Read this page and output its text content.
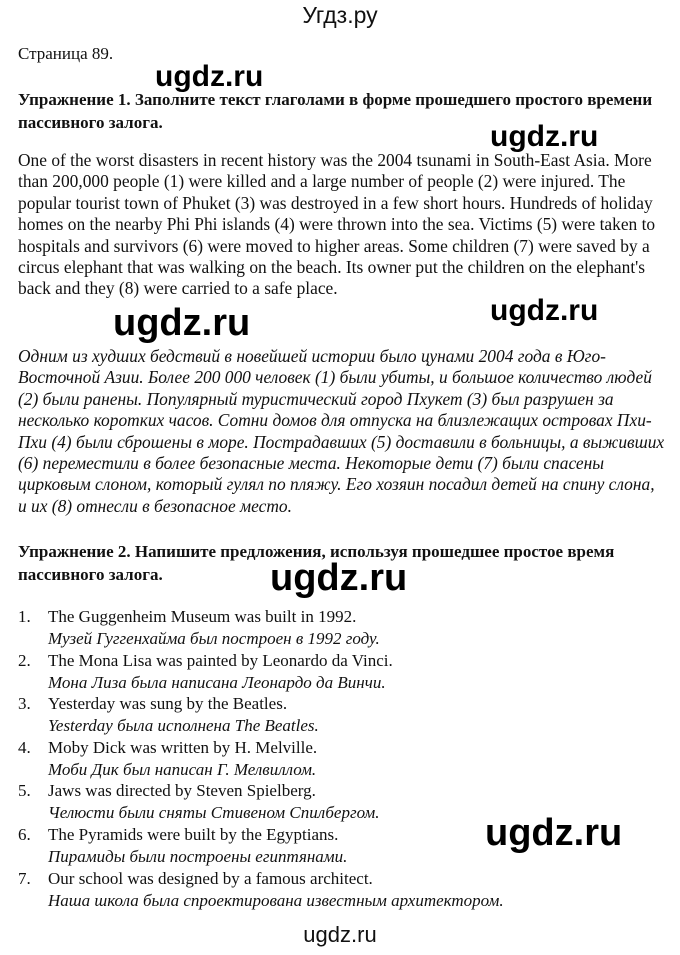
Угдз.ру
Страница 89.
Упражнение 1. Заполните текст глаголами в форме прошедшего простого времени пассивного залога.
One of the worst disasters in recent history was the 2004 tsunami in South-East Asia. More than 200,000 people (1) were killed and a large number of people (2) were injured. The popular tourist town of Phuket (3) was destroyed in a few short hours. Hundreds of holiday homes on the nearby Phi Phi islands (4) were thrown into the sea. Victims (5) were taken to hospitals and survivors (6) were moved to higher areas. Some children (7) were saved by a circus elephant that was walking on the beach. Its owner put the children on the elephant's back and they (8) were carried to a safe place.
Одним из худших бедствий в новейшей истории было цунами 2004 года в Юго-Восточной Азии. Более 200 000 человек (1) были убиты, и большое количество людей (2) были ранены. Популярный туристический город Пхукет (3) был разрушен за несколько коротких часов. Сотни домов для отпуска на близлежащих островах Пхи-Пхи (4) были сброшены в море. Пострадавших (5) доставили в больницы, а выживших (6) переместили в более безопасные места. Некоторые дети (7) были спасены цирковым слоном, который гулял по пляжу. Его хозяин посадил детей на спину слона, и их (8) отнесли в безопасное место.
Упражнение 2. Напишите предложения, используя прошедшее простое время пассивного залога.
1. The Guggenheim Museum was built in 1992.
Музей Гуггенхайма был построен в 1992 году.
2. The Mona Lisa was painted by Leonardo da Vinci.
Мона Лиза была написана Леонардо да Винчи.
3. Yesterday was sung by the Beatles.
Yesterday была исполнена The Beatles.
4. Moby Dick was written by H. Melville.
Моби Дик был написан Г. Мелвиллом.
5. Jaws was directed by Steven Spielberg.
Челюсти были сняты Стивеном Спилбергом.
6. The Pyramids were built by the Egyptians.
Пирамиды были построены египтянами.
7. Our school was designed by a famous architect.
Наша школа была спроектирована известным архитектором.
ugdz.ru
ugdz.ru
ugdz.ru	ugdz.ru
ugdz.ru
ugdz.ru
ugdz.ru
